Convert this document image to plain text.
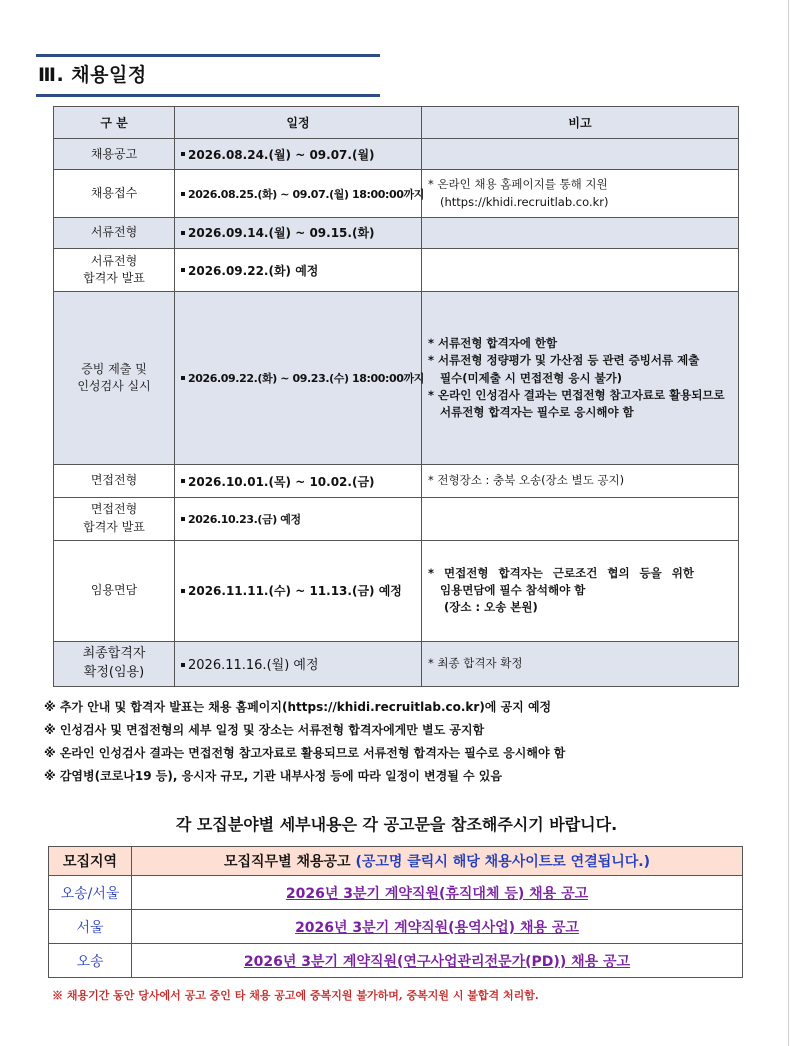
Ⅲ. 채용일정
구 분	일정	비고
채용공고	2026.08.24.(월) ~ 09.07.(월)	
채용접수	2026.08.25.(화) ~ 09.07.(월) 18:00:00까지	* 온라인 채용 홈페이지를 통해 지원
(https://khidi.recruitlab.co.kr)

서류전형	2026.09.14.(월) ~ 09.15.(화)	

서류전형
합격자 발표	2026.09.22.(화) 예정	

증빙 제출 및
인성검사 실시	2026.09.22.(화) ~ 09.23.(수) 18:00:00까지	* 서류전형 합격자에 한함
* 서류전형 정량평가 및 가산점 등 관련 증빙서류 제출
필수(미제출 시 면접전형 응시 불가)
* 온라인 인성검사 결과는 면접전형 참고자료로 활용되므로
서류전형 합격자는 필수로 응시해야 함

면접전형	2026.10.01.(목) ~ 10.02.(금)	* 전형장소 : 충북 오송(장소 별도 공지)

면접전형
합격자 발표	2026.10.23.(금) 예정	
임용면담	2026.11.11.(수) ~ 11.13.(금) 예정	* 면접전형 합격자는 근로조건 협의 등을 위한
임용면담에 필수 참석해야 함
(장소 : 오송 본원)

최종합격자
확정(임용)	2026.11.16.(월) 예정	* 최종 합격자 확정
※ 추가 안내 및 합격자 발표는 채용 홈페이지(https://khidi.recruitlab.co.kr)에 공지 예정
※ 인성검사 및 면접전형의 세부 일정 및 장소는 서류전형 합격자에게만 별도 공지함
※ 온라인 인성검사 결과는 면접전형 참고자료로 활용되므로 서류전형 합격자는 필수로 응시해야 함
※ 감염병(코로나19 등), 응시자 규모, 기관 내부사정 등에 따라 일정이 변경될 수 있음
각 모집분야별 세부내용은 각 공고문을 참조해주시기 바랍니다.
모집지역	모집직무별 채용공고 (공고명 클릭시 해당 채용사이트로 연결됩니다.)
오송/서울	2026년 3분기 계약직원(휴직대체 등) 채용 공고
서울	2026년 3분기 계약직원(용역사업) 채용 공고
오송	2026년 3분기 계약직원(연구사업관리전문가(PD)) 채용 공고
※ 채용기간 동안 당사에서 공고 중인 타 채용 공고에 중복지원 불가하며, 중복지원 시 불합격 처리함.
